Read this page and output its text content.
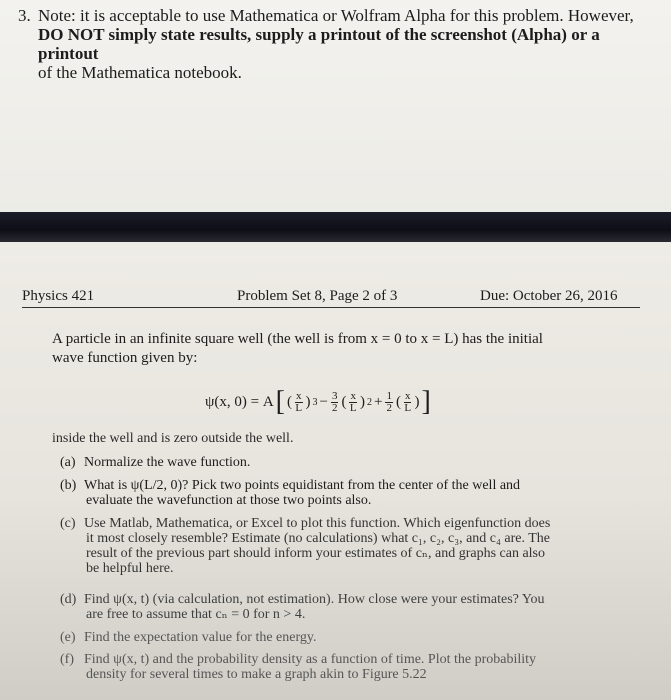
3. Note: it is acceptable to use Mathematica or Wolfram Alpha for this problem. However,
DO NOT simply state results, supply a printout of the screenshot (Alpha) or a printout
of the Mathematica notebook.
Physics 421	Problem Set 8, Page 2 of 3	Due: October 26, 2016
A particle in an infinite square well (the well is from x = 0 to x = L) has the initial
wave function given by:
ψ(x, 0) = A [ ( $\frac{x}{L}$ ) $3 - \frac{3}{2}$ ( $\frac{x}{L}$ ) $2 + \frac{1}{2}$ ( $\frac{x}{L}$ ) ]
inside the well and is zero outside the well.
(a) Normalize the wave function.
(b) What is ψ(L/2, 0)? Pick two points equidistant from the center of the well and
evaluate the wavefunction at those two points also.
(c) Use Matlab, Mathematica, or Excel to plot this function. Which eigenfunction does
it most closely resemble? Estimate (no calculations) what c₁, c₂, c₃, and c₄ are. The
result of the previous part should inform your estimates of cₙ, and graphs can also
be helpful here.
(d) Find ψ(x, t) (via calculation, not estimation). How close were your estimates? You
are free to assume that cₙ = 0 for n > 4.
(e) Find the expectation value for the energy.
(f) Find ψ(x, t) and the probability density as a function of time. Plot the probability
density for several times to make a graph akin to Figure 5.22
